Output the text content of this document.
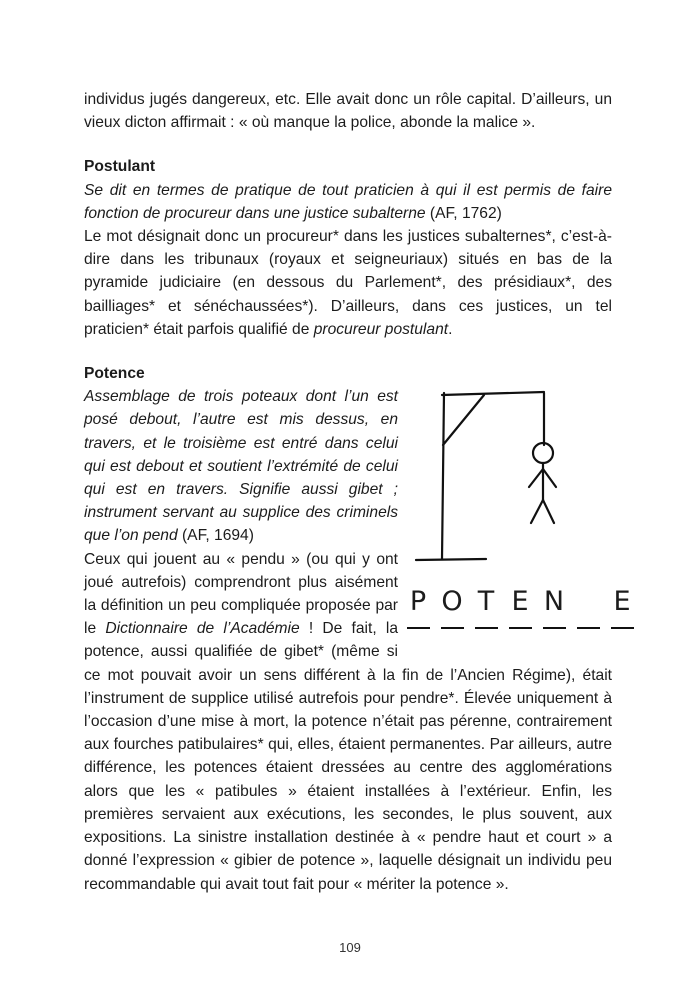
individus jugés dangereux, etc. Elle avait donc un rôle capital. D’ailleurs, un vieux dicton affirmait : « où manque la police, abonde la malice ».

Postulant

Se dit en termes de pratique de tout praticien à qui il est permis de faire fonction de procureur dans une justice subalterne (AF, 1762)

Le mot désignait donc un procureur* dans les justices subalternes*, c’est-à-dire dans les tribunaux (royaux et seigneuriaux) situés en bas de la pyramide judiciaire (en dessous du Parlement*, des présidiaux*, des bailliages* et sénéchaussées*). D’ailleurs, dans ces justices, un tel praticien* était parfois qualifié de procureur postulant.

Potence

P O T E N E

Assemblage de trois poteaux dont l’un est posé debout, l’autre est mis dessus, en travers, et le troisième est entré dans celui qui est debout et soutient l’extrémité de celui qui est en travers. Signifie aussi gibet ; instrument servant au supplice des criminels que l’on pend (AF, 1694)

Ceux qui jouent au « pendu » (ou qui y ont joué autrefois) comprendront plus aisément la définition un peu compliquée proposée par le Dictionnaire de l’Académie ! De fait, la potence, aussi qualifiée de gibet* (même si ce mot pouvait avoir un sens différent à la fin de l’Ancien Régime), était l’instrument de supplice utilisé autrefois pour pendre*. Élevée uniquement à l’occasion d’une mise à mort, la potence n’était pas pérenne, contrairement aux fourches patibulaires* qui, elles, étaient permanentes. Par ailleurs, autre différence, les potences étaient dressées au centre des agglomérations alors que les « patibules » étaient installées à l’extérieur. Enfin, les premières servaient aux exécutions, les secondes, le plus souvent, aux expositions. La sinistre installation destinée à « pendre haut et court » a donné l’expression « gibier de potence », laquelle désignait un individu peu recommandable qui avait tout fait pour « mériter la potence ».

109
